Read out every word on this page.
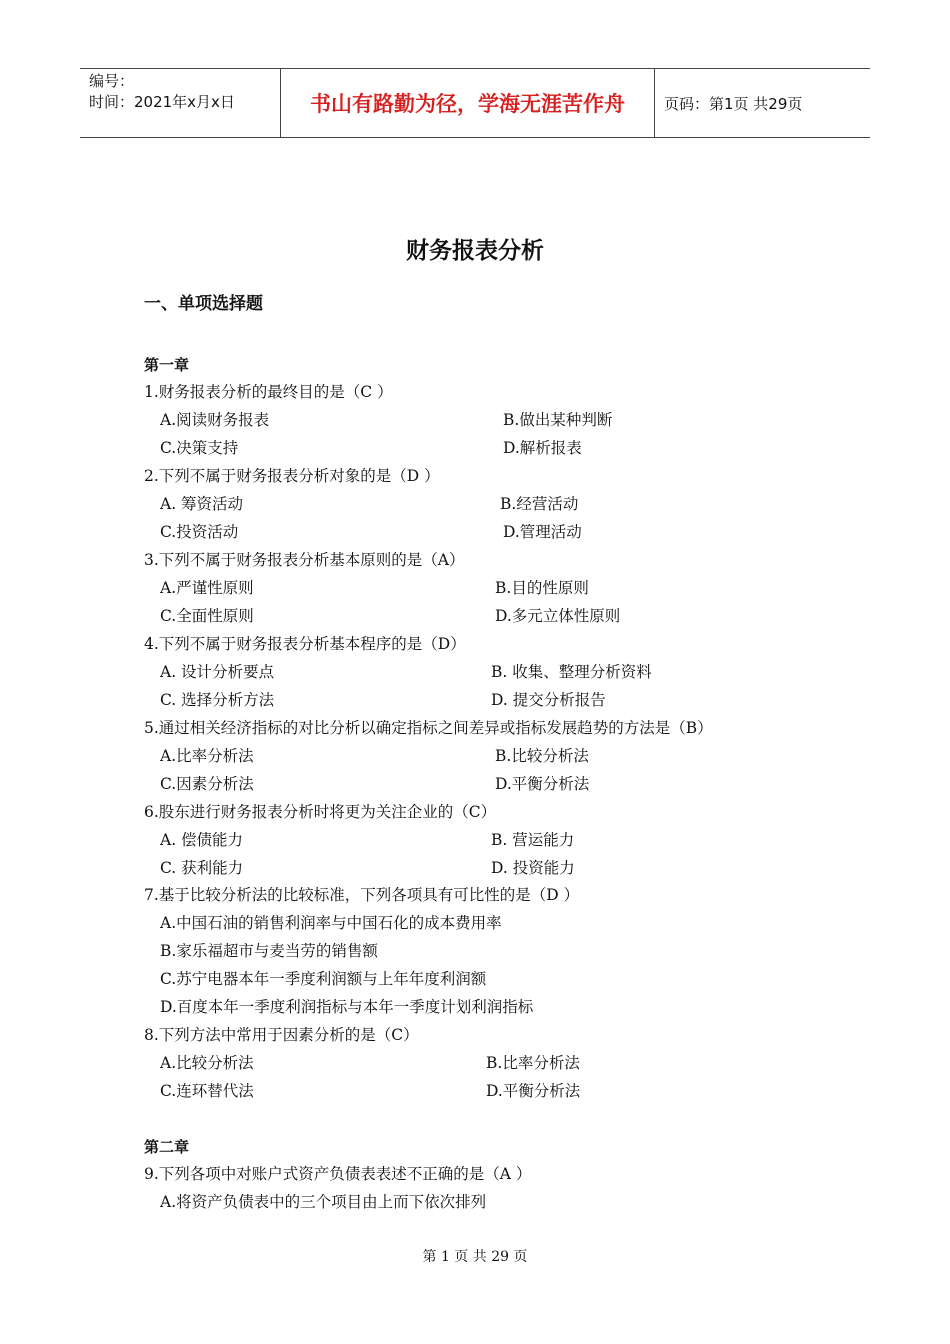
编号：
时间：2021年x月x日	书山有路勤为径，学海无涯苦作舟	页码：第1页 共29页
财务报表分析
一、单项选择题
第一章
1.财务报表分析的最终目的是（C ）
A.阅读财务报表	B.做出某种判断
C.决策支持	D.解析报表
2.下列不属于财务报表分析对象的是（D ）
A. 筹资活动	B.经营活动
C.投资活动	D.管理活动
3.下列不属于财务报表分析基本原则的是（A）
A.严谨性原则	B.目的性原则
C.全面性原则	D.多元立体性原则
4.下列不属于财务报表分析基本程序的是（D）
A. 设计分析要点	B. 收集、整理分析资料
C. 选择分析方法	D. 提交分析报告
5.通过相关经济指标的对比分析以确定指标之间差异或指标发展趋势的方法是（B）
A.比率分析法	B.比较分析法
C.因素分析法	D.平衡分析法
6.股东进行财务报表分析时将更为关注企业的（C）
A. 偿债能力	B. 营运能力
C. 获利能力	D. 投资能力
7.基于比较分析法的比较标准，下列各项具有可比性的是（D ）
A.中国石油的销售利润率与中国石化的成本费用率
B.家乐福超市与麦当劳的销售额
C.苏宁电器本年一季度利润额与上年年度利润额
D.百度本年一季度利润指标与本年一季度计划利润指标
8.下列方法中常用于因素分析的是（C）
A.比较分析法	B.比率分析法
C.连环替代法	D.平衡分析法
第二章
9.下列各项中对账户式资产负债表表述不正确的是（A ）
A.将资产负债表中的三个项目由上而下依次排列
第 1 页 共 29 页
